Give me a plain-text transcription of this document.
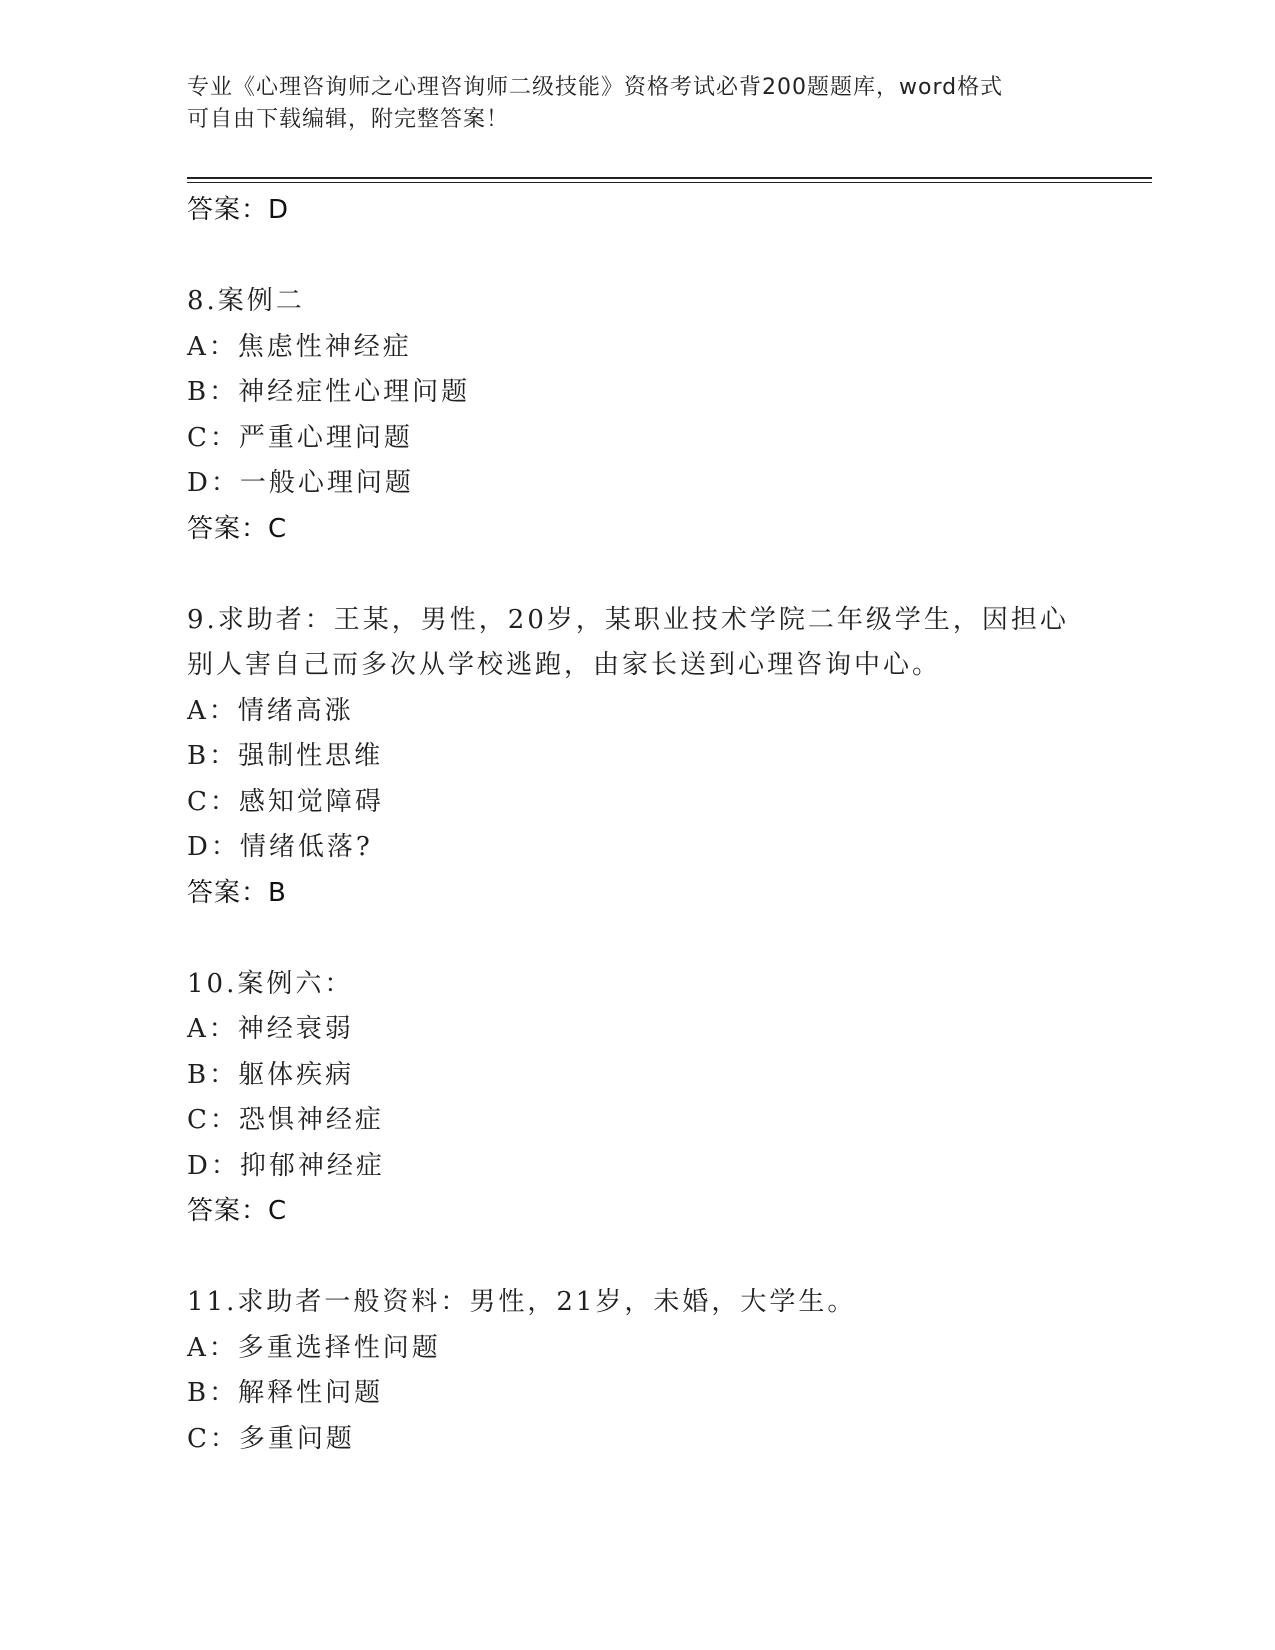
专业《心理咨询师之心理咨询师二级技能》资格考试必背200题题库，word格式
可自由下载编辑，附完整答案！
答案：D
8.案例二
A：焦虑性神经症
B：神经症性心理问题
C：严重心理问题
D：一般心理问题
答案：C
9.求助者：王某，男性，20岁，某职业技术学院二年级学生，因担心
别人害自己而多次从学校逃跑，由家长送到心理咨询中心。
A：情绪高涨
B：强制性思维
C：感知觉障碍
D：情绪低落?
答案：B
10.案例六：
A：神经衰弱
B：躯体疾病
C：恐惧神经症
D：抑郁神经症
答案：C
11.求助者一般资料：男性，21岁，未婚，大学生。
A：多重选择性问题
B：解释性问题
C：多重问题
